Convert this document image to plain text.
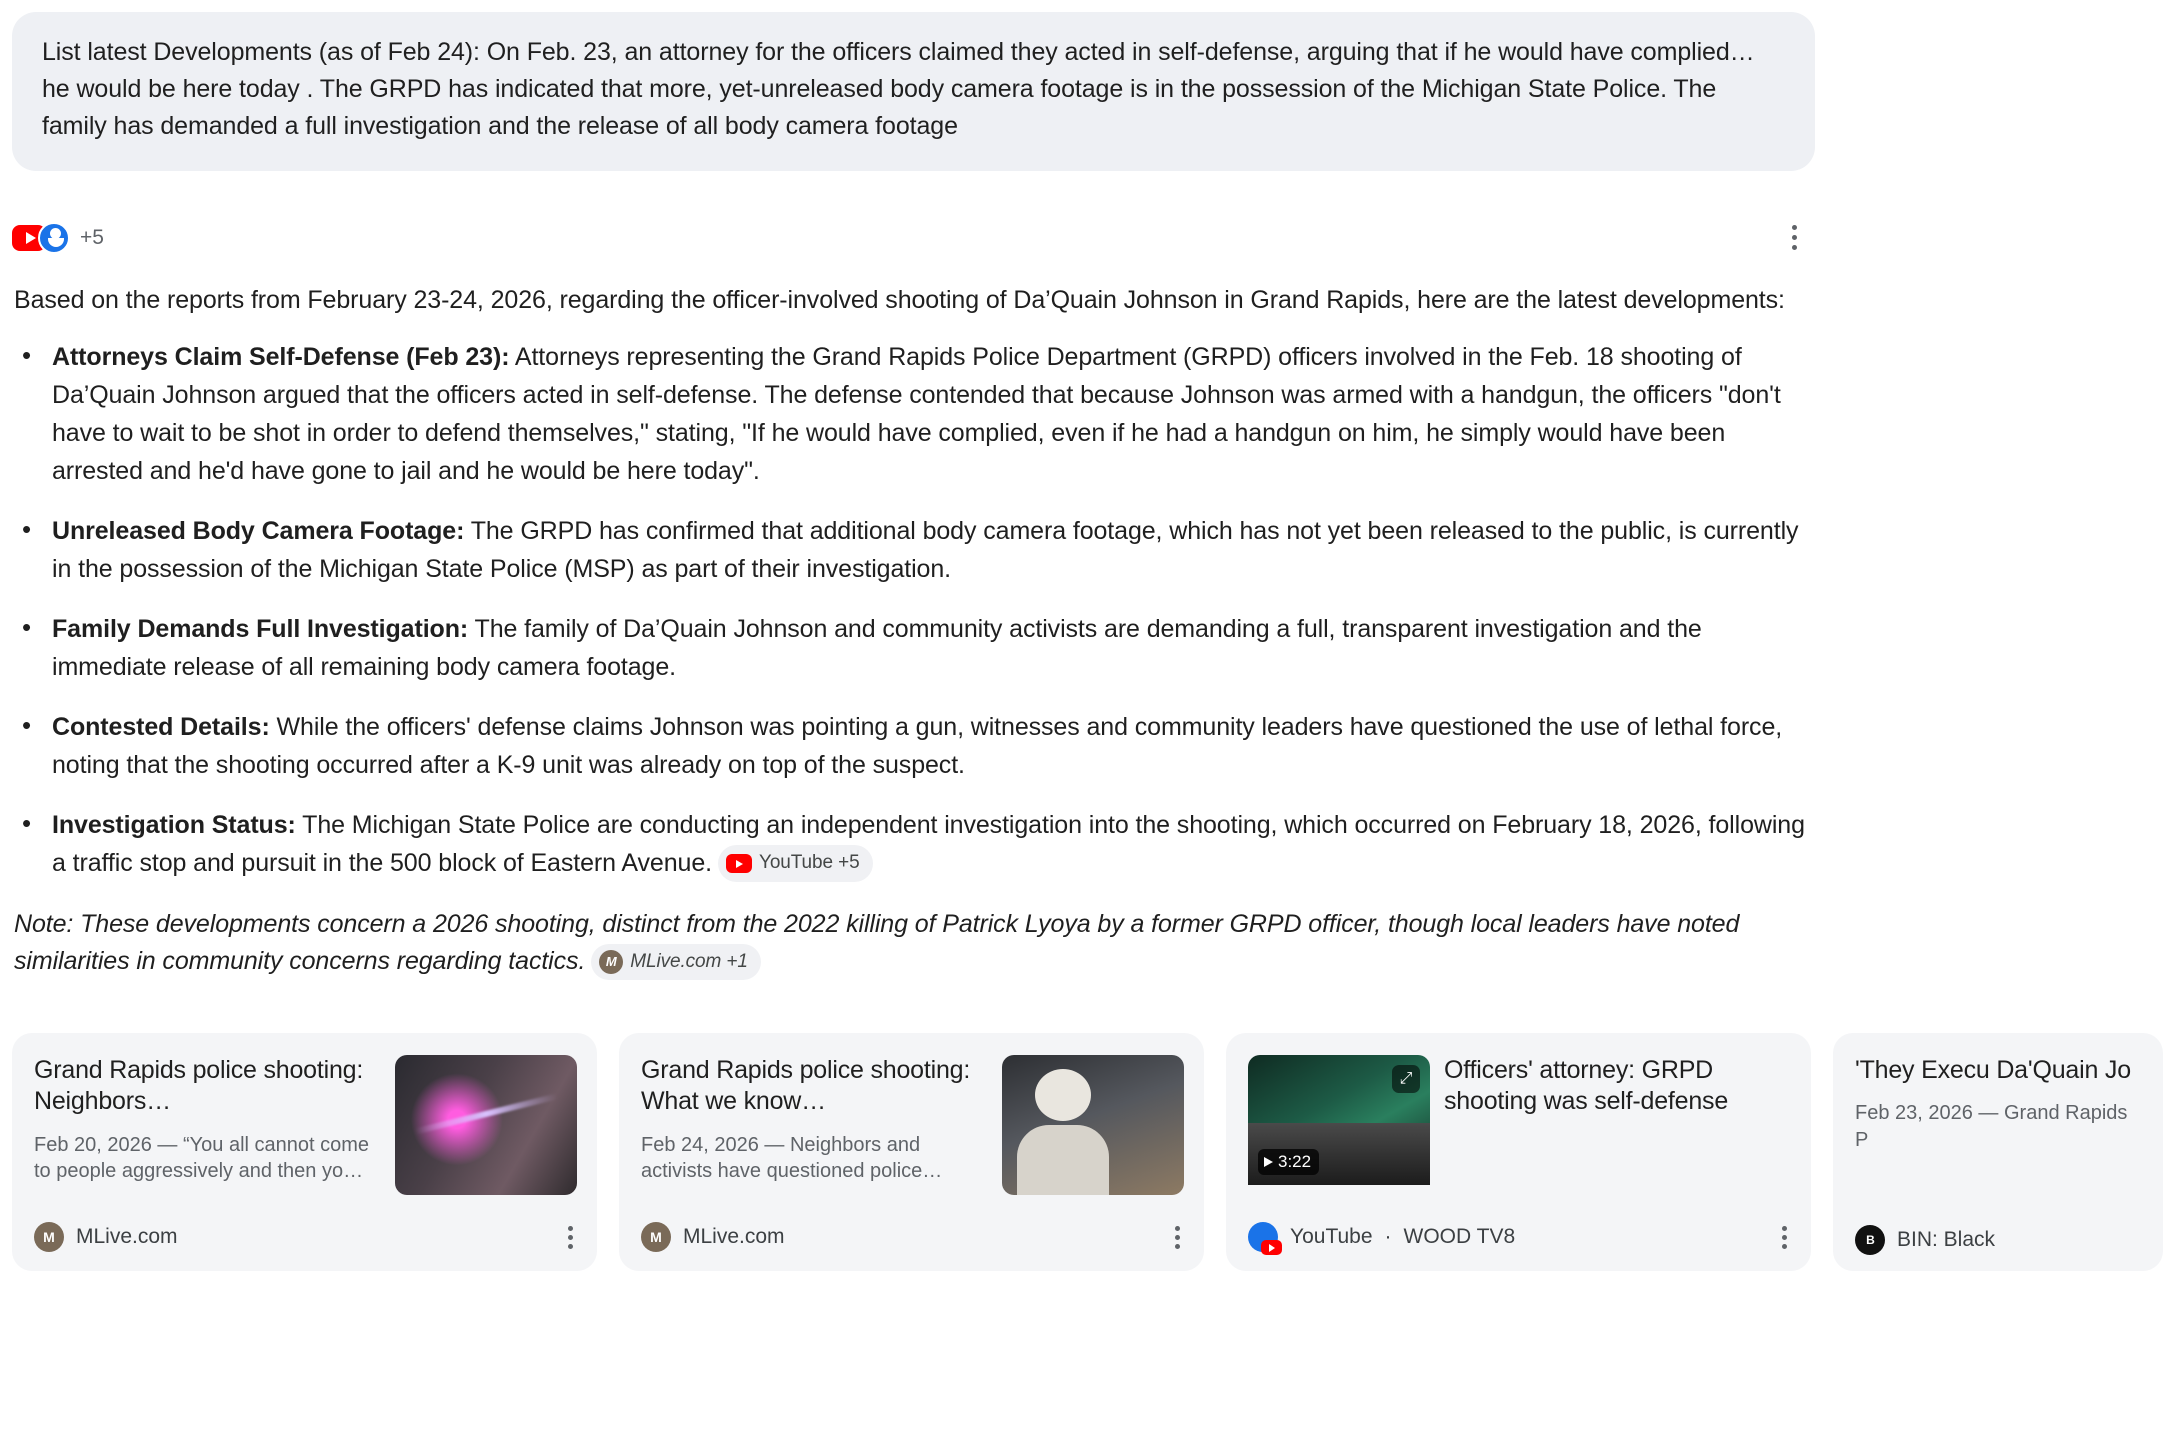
List latest Developments (as of Feb 24): On Feb. 23, an attorney for the officers claimed they acted in self-defense, arguing that if he would have complied… he would be here today . The GRPD has indicated that more, yet-unreleased body camera footage is in the possession of the Michigan State Police. The family has demanded a full investigation and the release of all body camera footage
+5

Based on the reports from February 23-24, 2026, regarding the officer-involved shooting of Da’Quain Johnson in Grand Rapids, here are the latest developments:

• Attorneys Claim Self-Defense (Feb 23): Attorneys representing the Grand Rapids Police Department (GRPD) officers involved in the Feb. 18 shooting of Da’Quain Johnson argued that the officers acted in self-defense. The defense contended that because Johnson was armed with a handgun, the officers "don't have to wait to be shot in order to defend themselves," stating, "If he would have complied, even if he had a handgun on him, he simply would have been arrested and he'd have gone to jail and he would be here today".
• Unreleased Body Camera Footage: The GRPD has confirmed that additional body camera footage, which has not yet been released to the public, is currently in the possession of the Michigan State Police (MSP) as part of their investigation.
• Family Demands Full Investigation: The family of Da’Quain Johnson and community activists are demanding a full, transparent investigation and the immediate release of all remaining body camera footage.
• Contested Details: While the officers' defense claims Johnson was pointing a gun, witnesses and community leaders have questioned the use of lethal force, noting that the shooting occurred after a K-9 unit was already on top of the suspect.
• Investigation Status: The Michigan State Police are conducting an independent investigation into the shooting, which occurred on February 18, 2026, following a traffic stop and pursuit in the 500 block of Eastern Avenue. YouTube +5
Note: These developments concern a 2026 shooting, distinct from the 2022 killing of Patrick Lyoya by a former GRPD officer, though local leaders have noted similarities in community concerns regarding tactics.	M MLive.com +1
Grand Rapids police shooting: Neighbors…
Feb 20, 2026 — “You all cannot come to people aggressively and then yo…
M	MLive.com
Grand Rapids police shooting: What we know…
Feb 24, 2026 — Neighbors and activists have questioned police…
M	MLive.com
⤢
3:22
Officers' attorney: GRPD shooting was self-defense
YouTube · WOOD TV8
'They Execu Da'Quain Jo
Feb 23, 2026 — Grand Rapids P
B	BIN: Black
